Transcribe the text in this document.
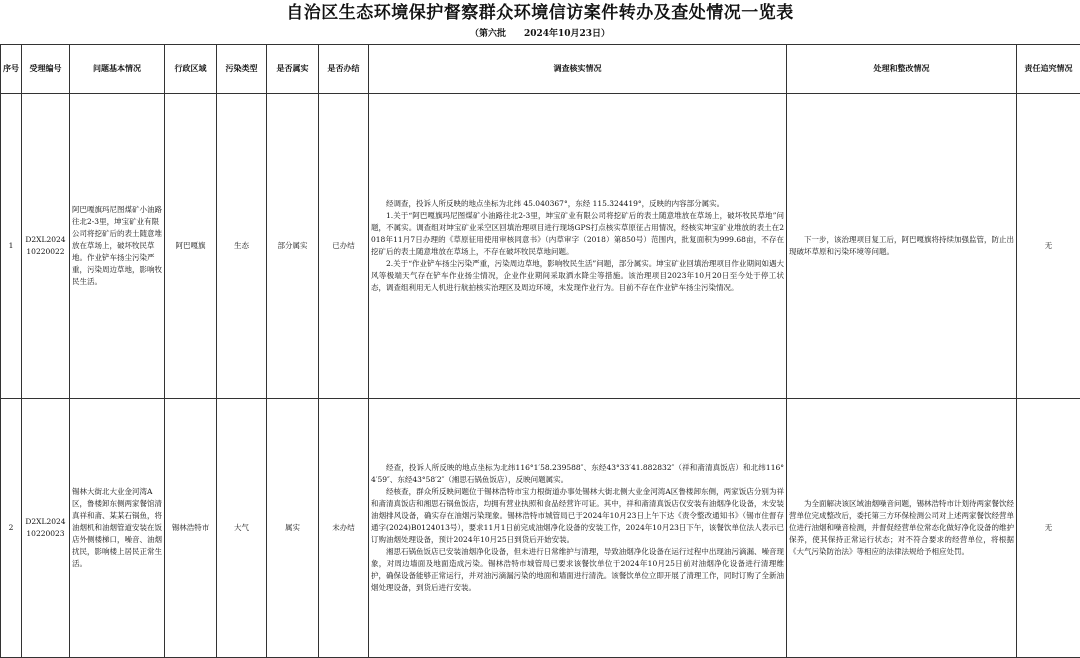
自治区生态环境保护督察群众环境信访案件转办及查处情况一览表
（第六批　　2024年10月23日）
序号	受理编号	问题基本情况	行政区域	污染类型	是否属实	是否办结	调查核实情况	处理和整改情况	责任追究情况
1	D2XL202410220022	阿巴嘎旗玛尼图煤矿小油路往北2-3里，坤宝矿业有限公司将挖矿后的表土随意堆放在草场上，破坏牧民草地。作业铲车扬尘污染严重，污染周边草地，影响牧民生活。	阿巴嘎旗	生态	部分属实	已办结	经调查，投诉人所反映的地点坐标为北纬 45.040367°，东经 115.324419°，反映的内容部分属实。

1.关于“阿巴嘎旗玛尼图煤矿小油路往北2-3里，坤宝矿业有限公司将挖矿后的表土随意堆放在草场上，破坏牧民草地”问题，不属实。调查组对坤宝矿业采空区回填治理项目进行现场GPS打点核实草原征占用情况，经核实坤宝矿业堆放的表土在2018年11月7日办理的《草原征用使用审核同意书》（内草审字（2018）第850号）范围内，批复面积为999.68亩，不存在挖矿后的表土随意堆放在草场上，不存在破坏牧民草地问题。

2.关于“作业铲车扬尘污染严重，污染周边草地，影响牧民生活”问题，部分属实。坤宝矿业回填治理项目作业期间如遇大风等极端天气存在铲车作业扬尘情况，企业作业期间采取洒水降尘等措施。该治理项目2023年10月20日至今处于停工状态，调查组利用无人机进行航拍核实治理区及周边环境，未发现作业行为。目前不存在作业铲车扬尘污染情况。	下一步，该治理项目复工后，阿巴嘎旗将持续加强监管，防止出现破坏草原和污染环境等问题。	无
2	D2XL202410220023	锡林大街北大业金河湾A区，鲁楼卸东侧两家餐馆清真祥和斋、某某石锅鱼，将油烟机和油烟管道安装在饭店外侧楼梯口，噪音、油烟扰民，影响楼上居民正常生活。	锡林浩特市	大气	属实	未办结	经查，投诉人所反映的地点坐标为北纬116°1′58.239588″、东经43°33′41.882832″（祥和斋清真饭店）和北纬116°4′59″、东经43°58′2″（湘思石锅鱼饭店），反映问题属实。

经核查，群众所反映问题位于锡林浩特市宝力根街道办事处锡林大街北侧大业金河湾A区鲁楼卸东侧，两家饭店分别为祥和斋清真饭店和湘思石锅鱼饭店，均拥有营业执照和食品经营许可证。其中，祥和斋清真饭店仅安装有油烟净化设备，未安装油烟排风设备，确实存在油烟污染现象。锡林浩特市城管局已于2024年10月23日上午下达《责令整改通知书》（锡市住督存通字(2024)B0124013号），要求11月1日前完成油烟净化设备的安装工作，2024年10月23日下午，该餐饮单位法人表示已订购油烟处理设备，预计2024年10月25日到货后开始安装。

湘思石锅鱼饭店已安装油烟净化设备，但未进行日常维护与清理，导致油烟净化设备在运行过程中出现油污滴漏、噪音现象，对周边墙面及地面造成污染。锡林浩特市城管局已要求该餐饮单位于2024年10月25日前对油烟净化设备进行清理维护，确保设备能够正常运行，并对油污滴漏污染的地面和墙面进行清洗。该餐饮单位立即开展了清理工作，同时订购了全新油烟处理设备，到货后进行安装。	为全面解决该区域油烟噪音问题，锡林浩特市计划待两家餐饮经营单位完成整改后，委托第三方环保检测公司对上述两家餐饮经营单位进行油烟和噪音检测，并督促经营单位常态化做好净化设备的维护保养，使其保持正常运行状态；对不符合要求的经营单位，将根据《大气污染防治法》等相应的法律法规给予相应处罚。	无
